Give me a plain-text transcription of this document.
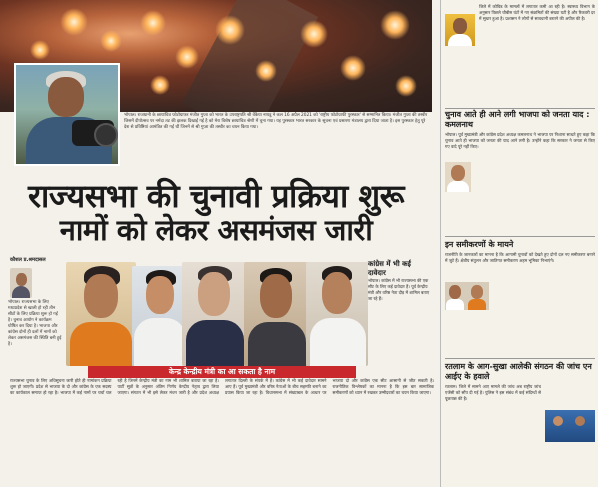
भोपाल। राजधानी के छायाचित्र फोटोग्राफर मंजीत गुप्ता को भारत के उपराष्ट्रपति श्री वेंकैया नायडू ने कल 16 अप्रैल 2021 को 'राष्ट्रीय फोटोग्राफी पुरस्कार' से सम्मानित किया। मंजीत गुप्ता की तस्वीर जिसमें दीपोत्सव पर नर्मदा तट की झलक दिखाई गई है को मेरा विशेष छायाचित्र श्रेणी में चुना गया। यह पुरस्कार भारत सरकार के सूचना एवं प्रसारण मंत्रालय द्वारा दिया जाता है। इस पुरस्कार हेतु पूरे देश से प्रविष्टियां आमंत्रित की गई थीं जिनमें से श्री गुप्ता की तस्वीर का चयन किया गया।
राज्यसभा की चुनावी प्रक्रिया शुरू
नामों को लेकर असमंजस जारी
कौशल प्र.श्रमदासल
भोपाल। राज्यसभा के लिए मध्यप्रदेश से खाली हो रही तीन सीटों के लिए प्रक्रिया शुरू हो गई है। चुनाव आयोग ने कार्यक्रम घोषित कर दिया है। भाजपा और कांग्रेस दोनों ही दलों में नामों को लेकर असमंजस की स्थिति बनी हुई है।
कांग्रेस में भी कई
दावेदार
भोपाल। कांग्रेस में भी राज्यसभा की एक सीट के लिए कई दावेदार हैं। पूर्व केन्द्रीय मंत्री और वरिष्ठ नेता दौड़ में शामिल बताए जा रहे हैं।
केन्द्र केन्द्रीय मंत्री का आ सकता है नाम
राज्यसभा चुनाव के लिए अधिसूचना जारी होते ही नामांकन प्रक्रिया शुरू हो जाएगी। प्रदेश से भाजपा के दो और कांग्रेस के एक सदस्य का कार्यकाल समाप्त हो रहा है। भाजपा में कई नामों पर चर्चा चल रही है जिनमें केन्द्रीय मंत्री का नाम भी शामिल बताया जा रहा है। पार्टी सूत्रों के अनुसार अंतिम निर्णय केन्द्रीय नेतृत्व द्वारा लिया जाएगा। संगठन में भी इसे लेकर मंथन जारी है और प्रदेश अध्यक्ष लगातार दिल्ली के संपर्क में हैं। कांग्रेस में भी कई दावेदार सामने आए हैं। पूर्व मुख्यमंत्री और वरिष्ठ नेताओं के बीच सहमति बनाने का प्रयास किया जा रहा है। विधानसभा में संख्याबल के आधार पर भाजपा दो और कांग्रेस एक सीट आसानी से जीत सकती है। राजनीतिक विश्लेषकों का मानना है कि इस बार सामाजिक समीकरणों को ध्यान में रखकर उम्मीदवारों का चयन किया जाएगा।
जिले में कोविड के मामलों में लगातार कमी आ रही है। स्वास्थ्य विभाग के अनुसार पिछले चौबीस घंटों में नए संक्रमितों की संख्या घटी है और रिकवरी दर में सुधार हुआ है। प्रशासन ने लोगों से सावधानी बरतने की अपील की है।
चुनाव आते ही आने लगी भाजपा को जनता याद : कमलनाथ
भोपाल। पूर्व मुख्यमंत्री और कांग्रेस प्रदेश अध्यक्ष कमलनाथ ने भाजपा पर निशाना साधते हुए कहा कि चुनाव आते ही भाजपा को जनता की याद आने लगी है। उन्होंने कहा कि सरकार ने जनता से किए गए वादे पूरे नहीं किए।
इन समीकरणों के मायने
राजनीति के जानकारों का मानना है कि आगामी चुनावों को देखते हुए दोनों दल नए समीकरण बनाने में जुटे हैं। क्षेत्रीय संतुलन और जातिगत समीकरण अहम भूमिका निभाएंगे।
रतलाम के आग-सुखा आलेकी संगठन की जांच एन आईए के हवाले
रतलाम। जिले में सामने आए मामले की जांच अब राष्ट्रीय जांच एजेंसी को सौंप दी गई है। पुलिस ने इस संबंध में कई संदिग्धों से पूछताछ की है।
